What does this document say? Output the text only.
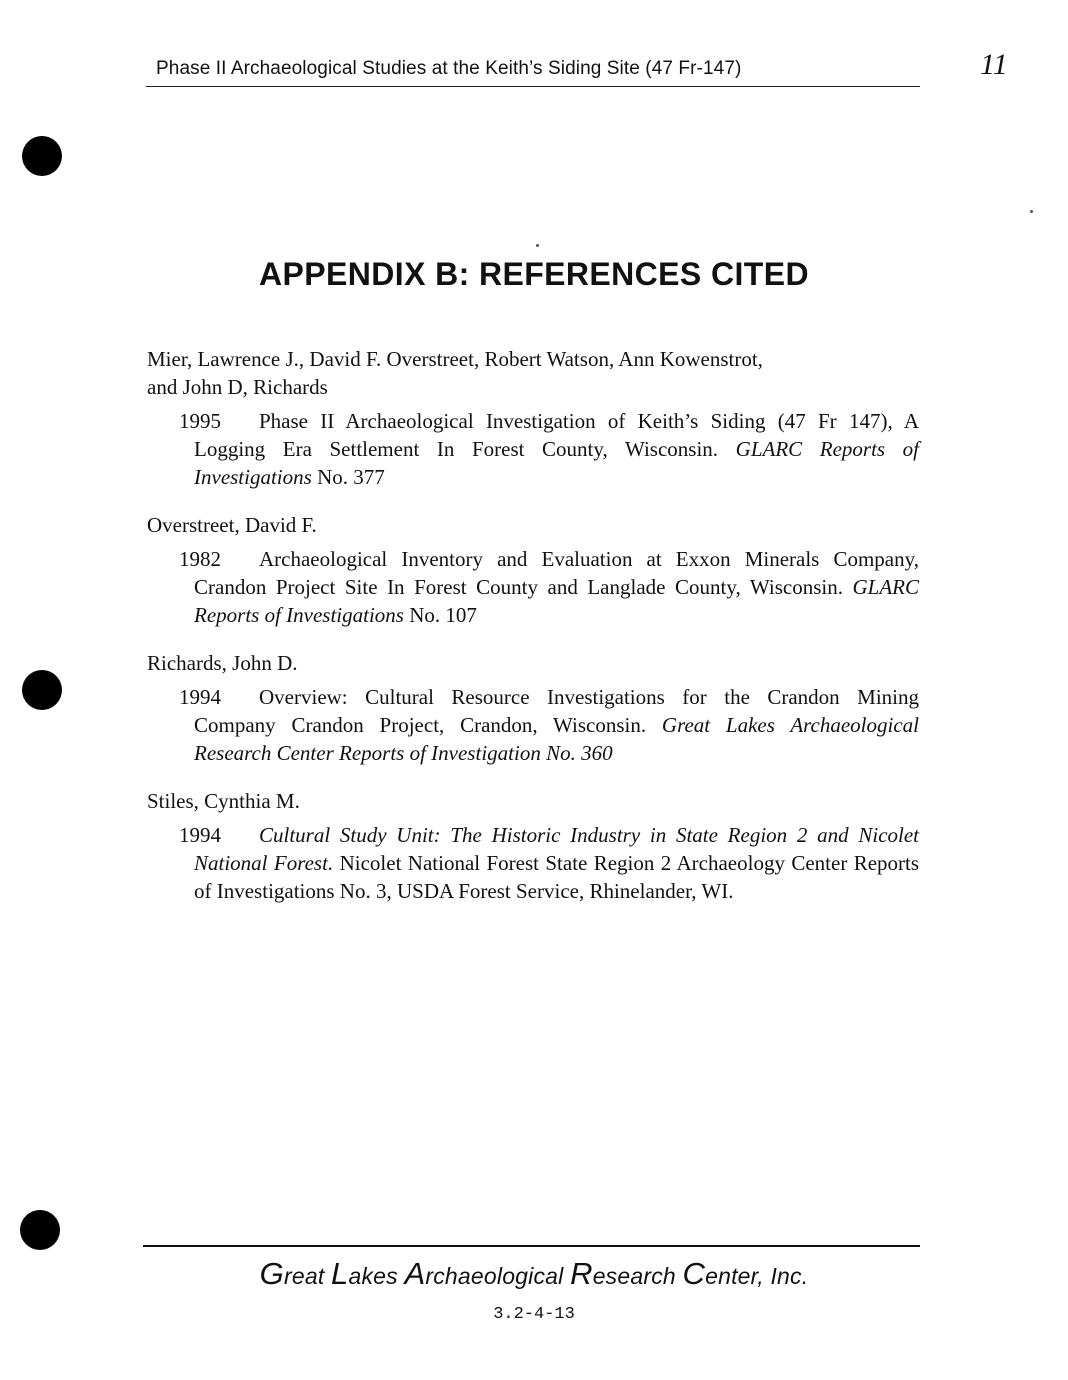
Phase II Archaeological Studies at the Keith’s Siding Site (47 Fr-147)	11
APPENDIX B: REFERENCES CITED
Mier, Lawrence J., David F. Overstreet, Robert Watson, Ann Kowenstrot,
and John D, Richards
1995 Phase II Archaeological Investigation of Keith’s Siding (47 Fr 147), A Logging Era Settlement In Forest County, Wisconsin. GLARC Reports of Investigations No. 377
Overstreet, David F.
1982 Archaeological Inventory and Evaluation at Exxon Minerals Company, Crandon Project Site In Forest County and Langlade County, Wisconsin. GLARC Reports of Investigations No. 107
Richards, John D.
1994 Overview: Cultural Resource Investigations for the Crandon Mining Company Crandon Project, Crandon, Wisconsin. Great Lakes Archaeological Research Center Reports of Investigation No. 360
Stiles, Cynthia M.
1994 Cultural Study Unit: The Historic Industry in State Region 2 and Nicolet National Forest. Nicolet National Forest State Region 2 Archaeology Center Reports of Investigations No. 3, USDA Forest Service, Rhinelander, WI.
Great Lakes Archaeological Research Center, Inc.
3.2-4-13
